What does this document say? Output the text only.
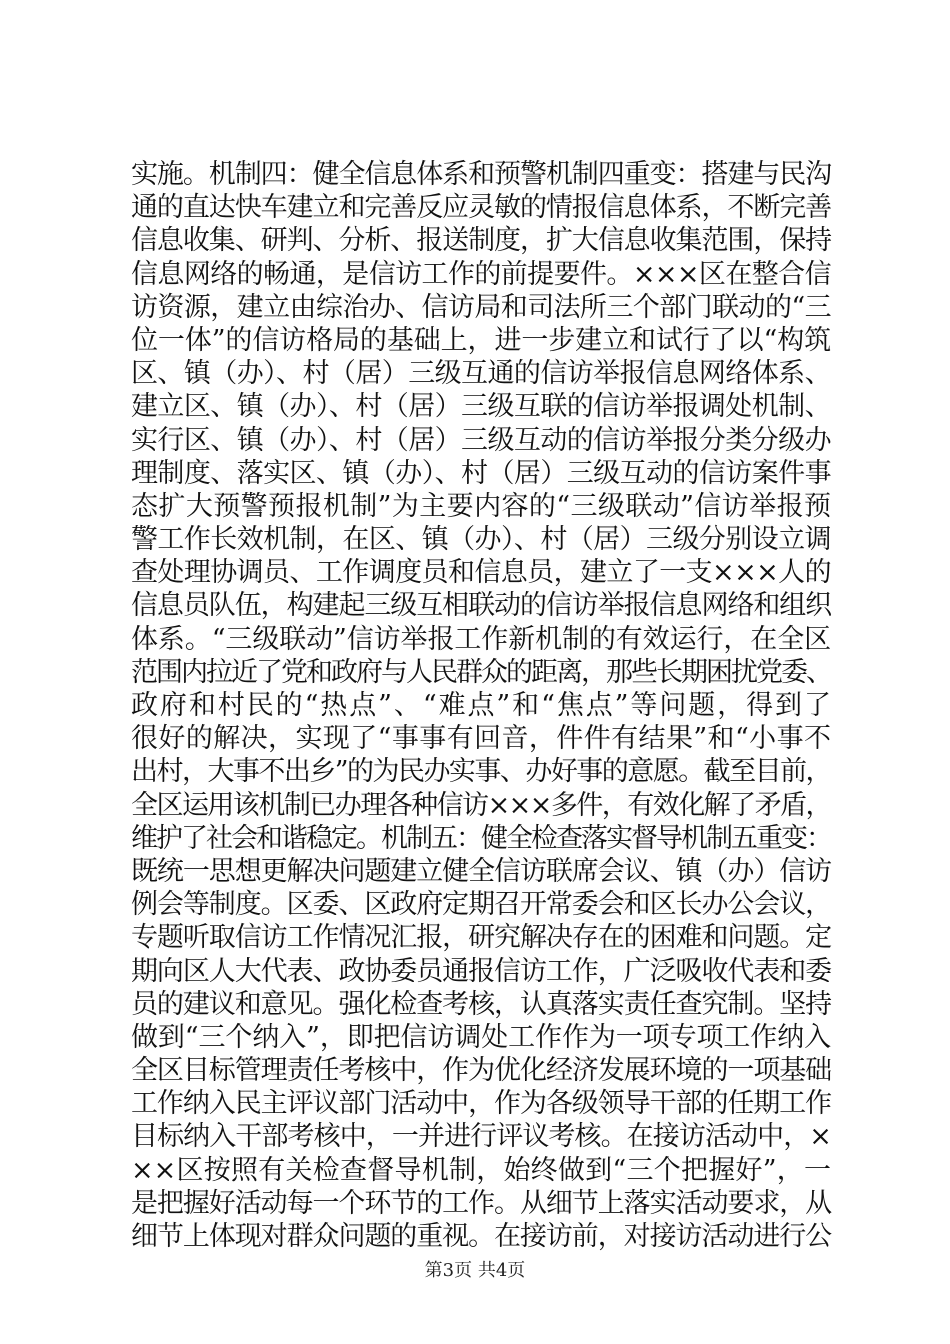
实施。机制四：健全信息体系和预警机制四重变：搭建与民沟
通的直达快车建立和完善反应灵敏的情报信息体系，不断完善
信息收集、研判、分析、报送制度，扩大信息收集范围，保持
信息网络的畅通，是信访工作的前提要件。×××区在整合信
访资源，建立由综治办、信访局和司法所三个部门联动的“三
位一体”的信访格局的基础上，进一步建立和试行了以“构筑
区、镇（办）、村（居）三级互通的信访举报信息网络体系、
建立区、镇（办）、村（居）三级互联的信访举报调处机制、
实行区、镇（办）、村（居）三级互动的信访举报分类分级办
理制度、落实区、镇（办）、村（居）三级互动的信访案件事
态扩大预警预报机制”为主要内容的“三级联动”信访举报预
警工作长效机制，在区、镇（办）、村（居）三级分别设立调
查处理协调员、工作调度员和信息员，建立了一支×××人的
信息员队伍，构建起三级互相联动的信访举报信息网络和组织
体系。“三级联动”信访举报工作新机制的有效运行，在全区
范围内拉近了党和政府与人民群众的距离，那些长期困扰党委、
政府和村民的“热点”、“难点”和“焦点”等问题，得到了
很好的解决，实现了“事事有回音，件件有结果”和“小事不
出村，大事不出乡”的为民办实事、办好事的意愿。截至目前，
全区运用该机制已办理各种信访×××多件，有效化解了矛盾，
维护了社会和谐稳定。机制五：健全检查落实督导机制五重变：
既统一思想更解决问题建立健全信访联席会议、镇（办）信访
例会等制度。区委、区政府定期召开常委会和区长办公会议，
专题听取信访工作情况汇报，研究解决存在的困难和问题。定
期向区人大代表、政协委员通报信访工作，广泛吸收代表和委
员的建议和意见。强化检查考核，认真落实责任查究制。坚持
做到“三个纳入”，即把信访调处工作作为一项专项工作纳入
全区目标管理责任考核中，作为优化经济发展环境的一项基础
工作纳入民主评议部门活动中，作为各级领导干部的任期工作
目标纳入干部考核中，一并进行评议考核。在接访活动中，×
××区按照有关检查督导机制，始终做到“三个把握好”，一
是把握好活动每一个环节的工作。从细节上落实活动要求，从
细节上体现对群众问题的重视。在接访前，对接访活动进行公
第3页 共4页
